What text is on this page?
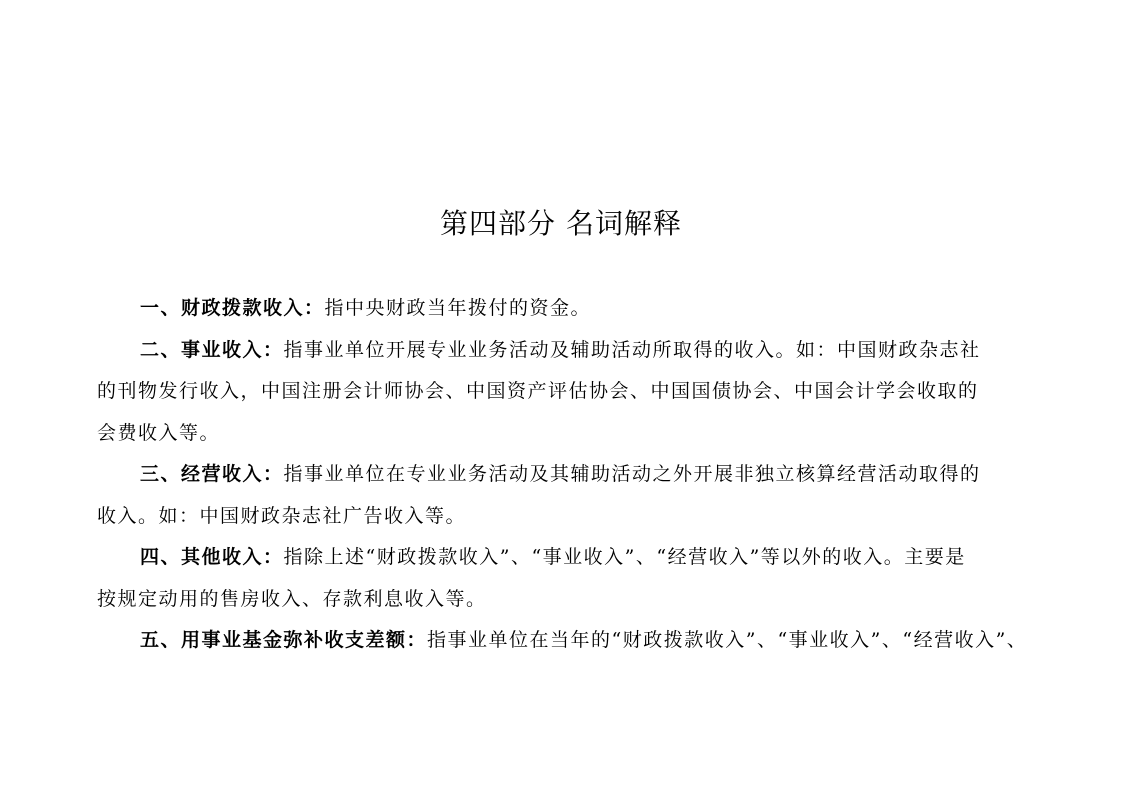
第四部分 名词解释

一、财政拨款收入：指中央财政当年拨付的资金。

二、事业收入：指事业单位开展专业业务活动及辅助活动所取得的收入。如：中国财政杂志社

的刊物发行收入，中国注册会计师协会、中国资产评估协会、中国国债协会、中国会计学会收取的
会费收入等。

三、经营收入：指事业单位在专业业务活动及其辅助活动之外开展非独立核算经营活动取得的

收入。如：中国财政杂志社广告收入等。

四、其他收入：指除上述“财政拨款收入”、“事业收入”、“经营收入”等以外的收入。主要是

按规定动用的售房收入、存款利息收入等。

五、用事业基金弥补收支差额：指事业单位在当年的“财政拨款收入”、“事业收入”、“经营收入”、
